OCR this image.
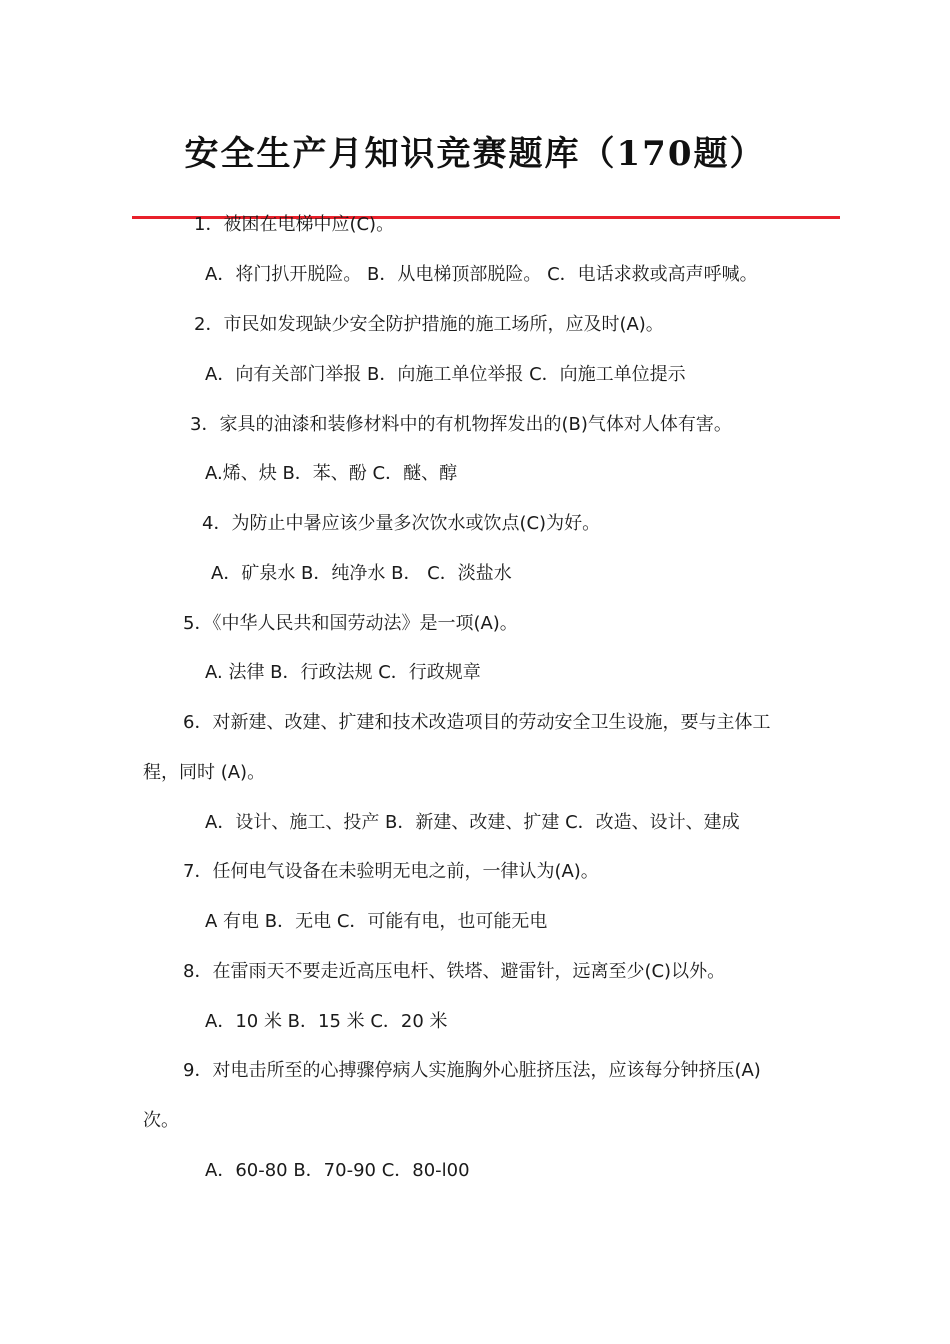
安全生产月知识竞赛题库（170题）
1．被困在电梯中应(C)。
A．将门扒开脱险。 B．从电梯顶部脱险。 C．电话求救或高声呼喊。
2．市民如发现缺少安全防护措施的施工场所，应及时(A)。
A．向有关部门举报 B．向施工单位举报 C．向施工单位提示
3．家具的油漆和装修材料中的有机物挥发出的(B)气体对人体有害。
A.烯、炔 B．苯、酚 C．醚、醇
4．为防止中暑应该少量多次饮水或饮点(C)为好。
A．矿泉水 B．纯净水 B． C．淡盐水
5．《中华人民共和国劳动法》是一项(A)。
A. 法律 B．行政法规 C．行政规章
6．对新建、改建、扩建和技术改造项目的劳动安全卫生设施，要与主体工
程，同时 (A)。
A．设计、施工、投产 B．新建、改建、扩建 C．改造、设计、建成
7．任何电气设备在未验明无电之前，一律认为(A)。
A 有电 B．无电 C．可能有电，也可能无电
8．在雷雨天不要走近高压电杆、铁塔、避雷针，远离至少(C)以外。
A．10 米 B．15 米 C．20 米
9．对电击所至的心搏骤停病人实施胸外心脏挤压法，应该每分钟挤压(A)
次。
A．60-80 B．70-90 C．80-l00
